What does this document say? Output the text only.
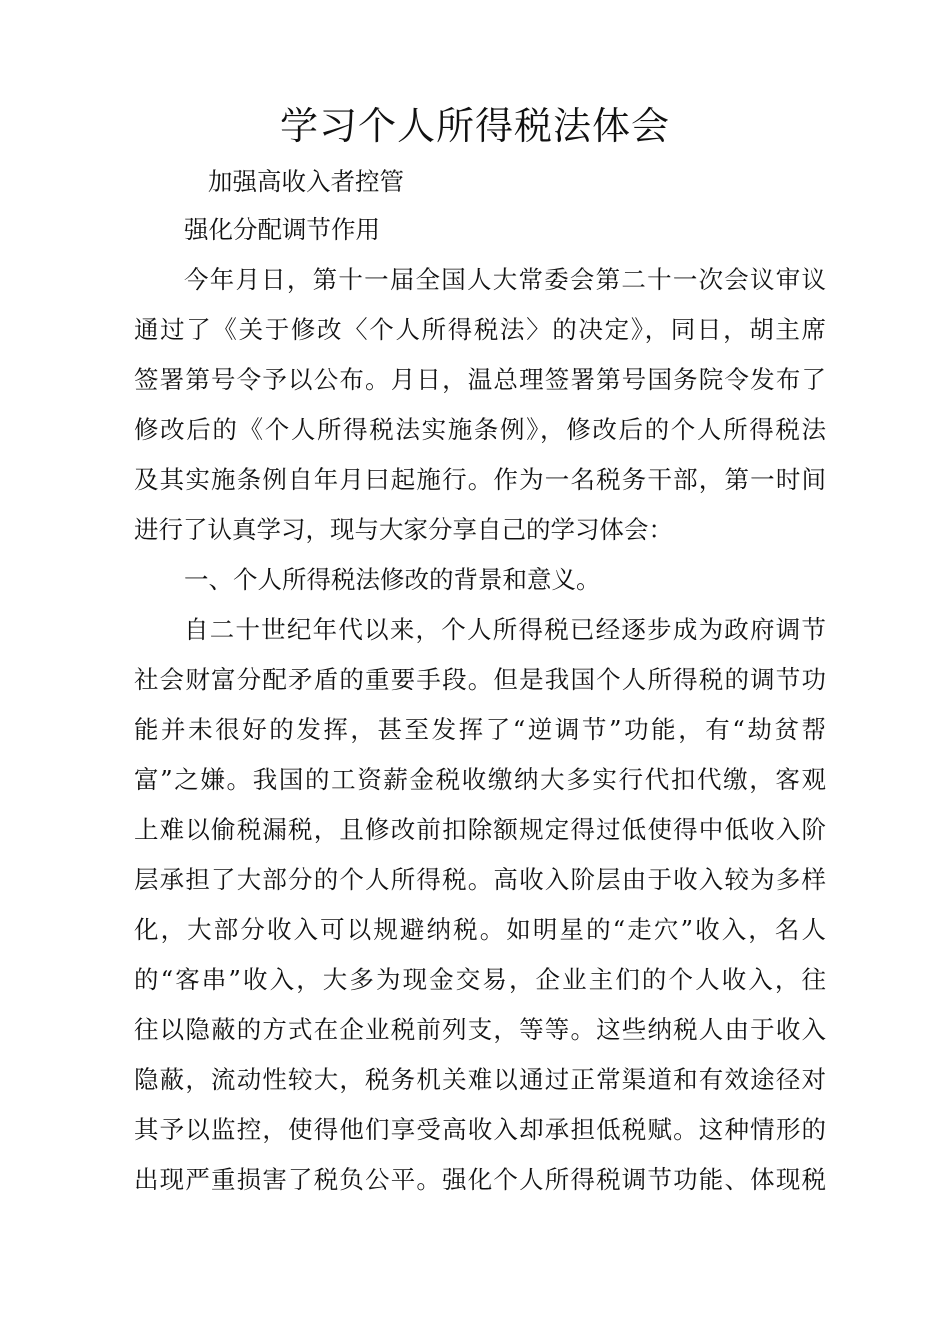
学习个人所得税法体会
加强高收入者控管
强化分配调节作用
今年月日，第十一届全国人大常委会第二十一次会议审议
通过了《关于修改〈个人所得税法〉的决定》，同日，胡主席
签署第号令予以公布。月日，温总理签署第号国务院令发布了
修改后的《个人所得税法实施条例》，修改后的个人所得税法
及其实施条例自年月曰起施行。作为一名税务干部，第一时间
进行了认真学习，现与大家分享自己的学习体会：
一、个人所得税法修改的背景和意义。
自二十世纪年代以来，个人所得税已经逐步成为政府调节
社会财富分配矛盾的重要手段。但是我国个人所得税的调节功
能并未很好的发挥，甚至发挥了“逆调节”功能，有“劫贫帮
富”之嫌。我国的工资薪金税收缴纳大多实行代扣代缴，客观
上难以偷税漏税，且修改前扣除额规定得过低使得中低收入阶
层承担了大部分的个人所得税。高收入阶层由于收入较为多样
化，大部分收入可以规避纳税。如明星的“走穴”收入，名人
的“客串”收入，大多为现金交易，企业主们的个人收入，往
往以隐蔽的方式在企业税前列支，等等。这些纳税人由于收入
隐蔽，流动性较大，税务机关难以通过正常渠道和有效途径对
其予以监控，使得他们享受高收入却承担低税赋。这种情形的
出现严重损害了税负公平。强化个人所得税调节功能、体现税
